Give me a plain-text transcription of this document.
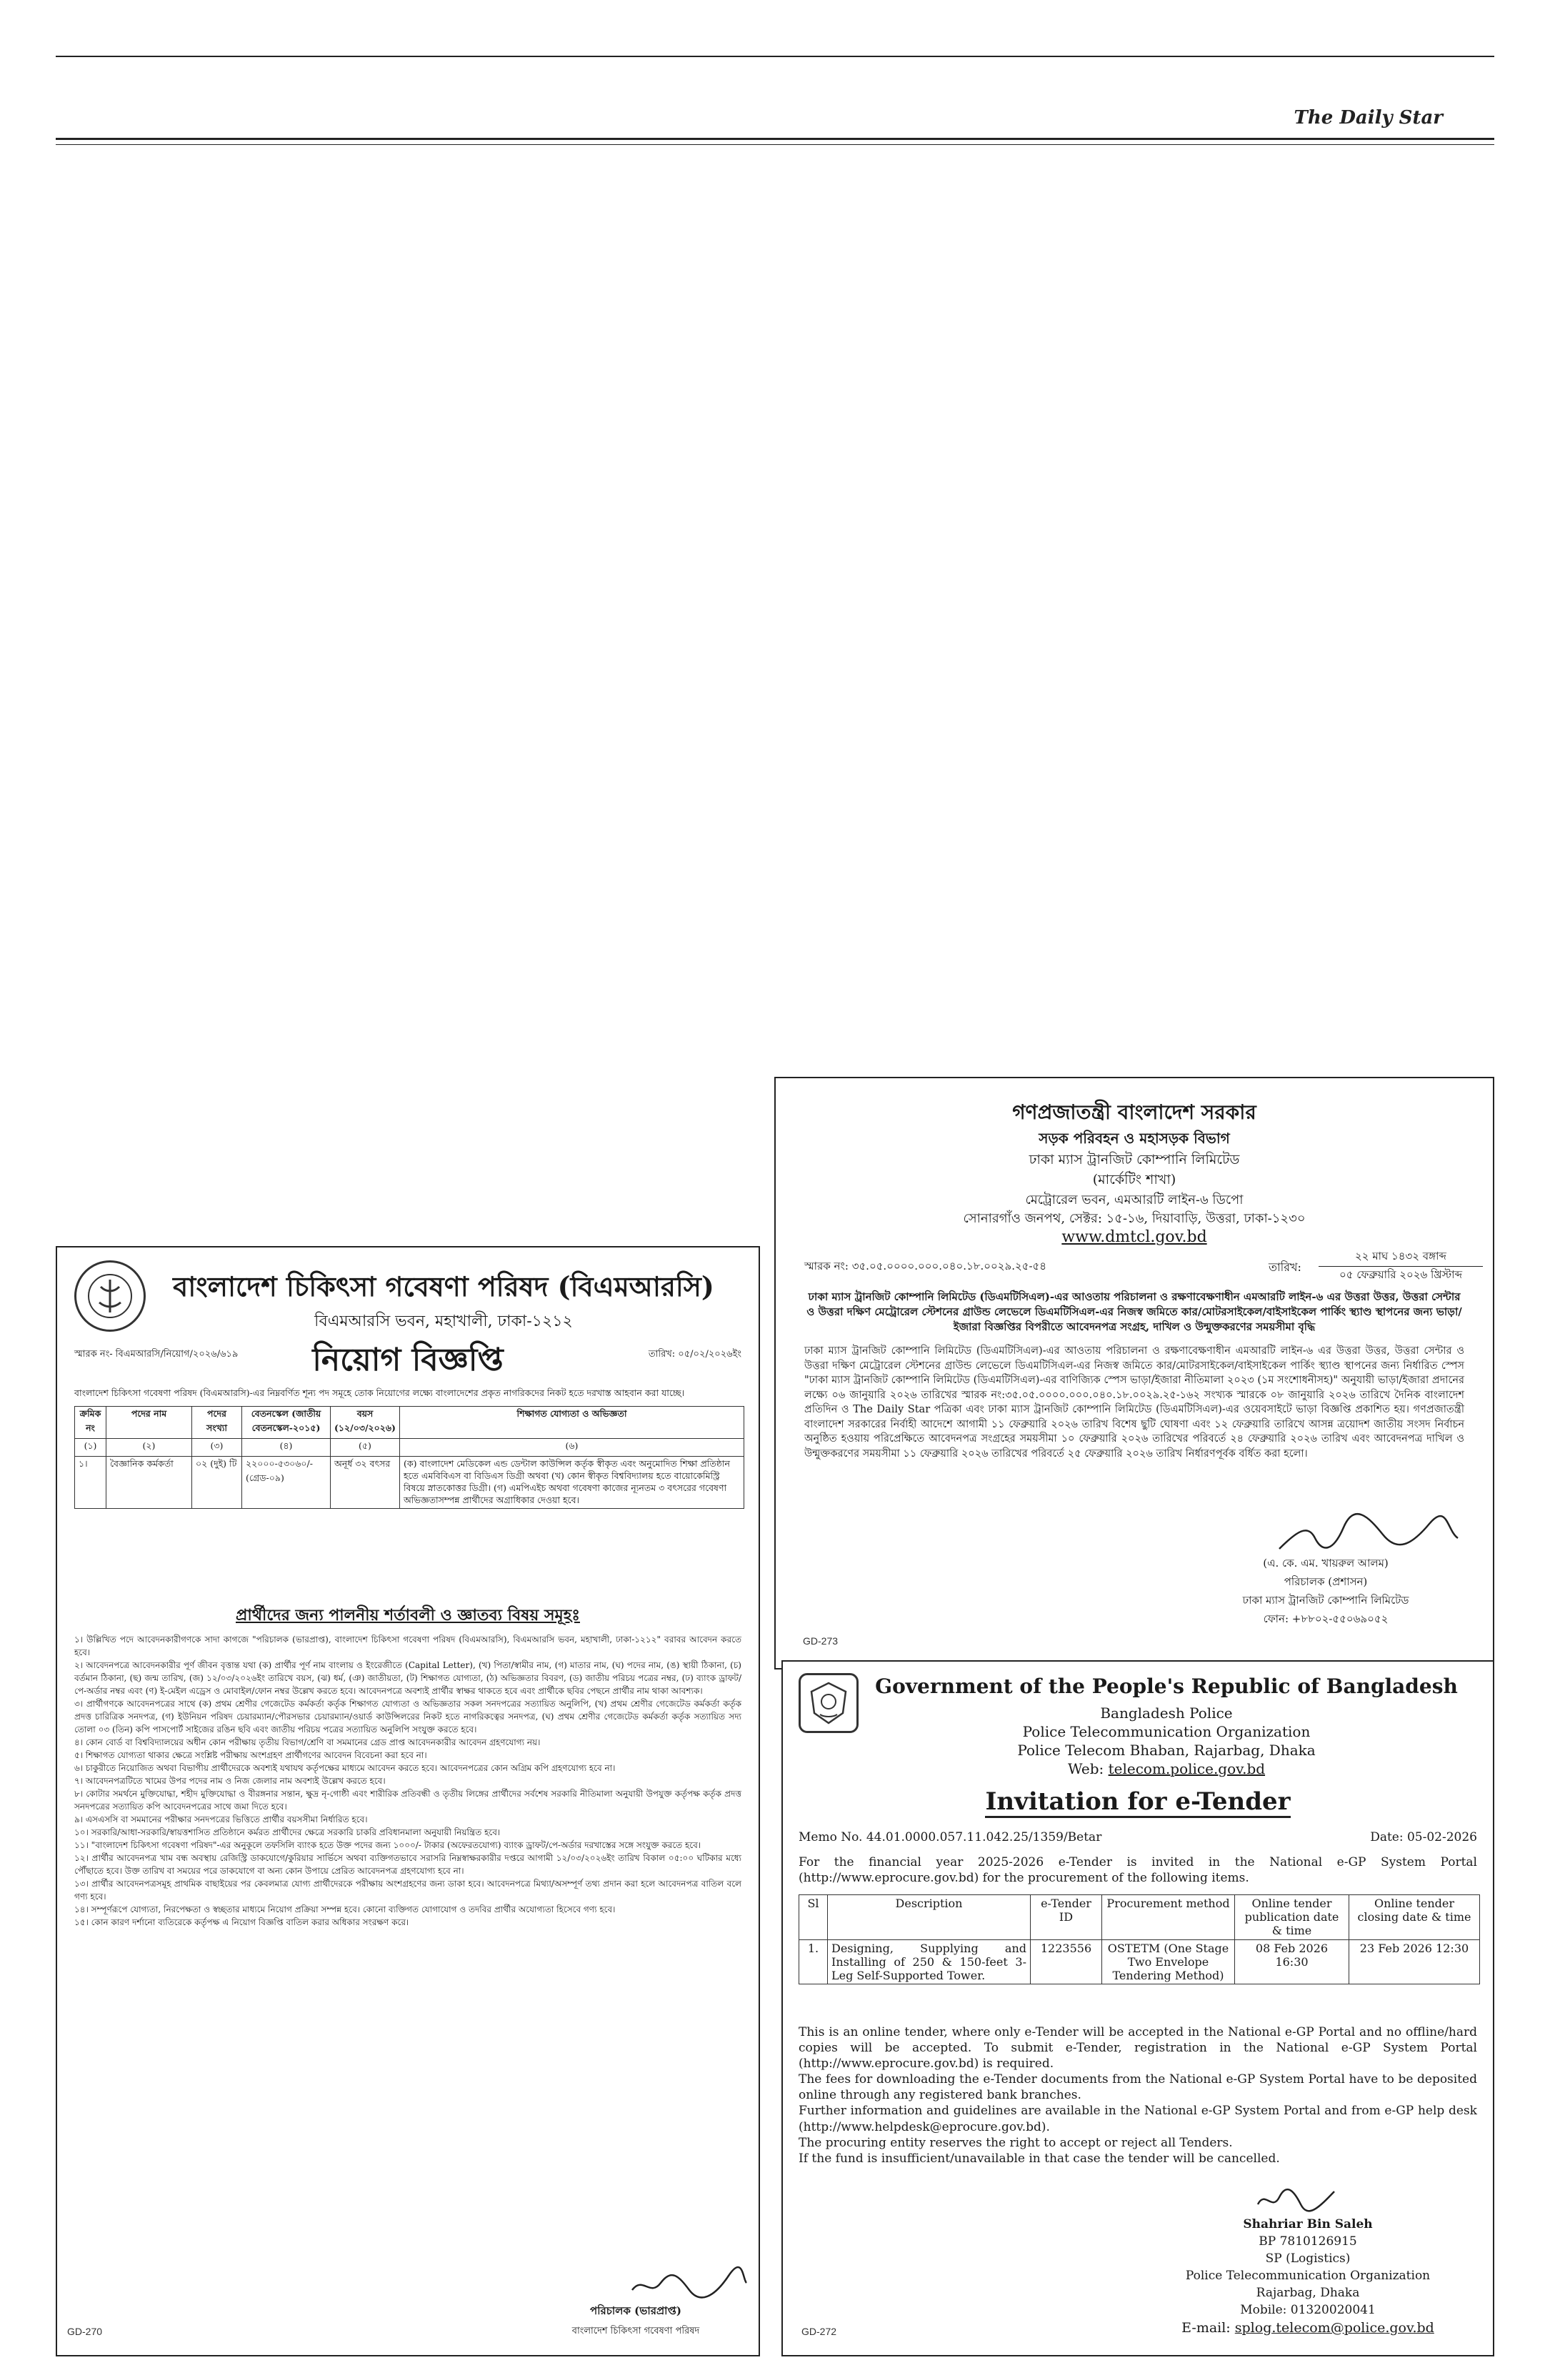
The Daily Star
গণপ্রজাতন্ত্রী বাংলাদেশ সরকার
সড়ক পরিবহন ও মহাসড়ক বিভাগ
ঢাকা ম্যাস ট্রানজিট কোম্পানি লিমিটেড
(মার্কেটিং শাখা)
মেট্রোরেল ভবন, এমআরটি লাইন-৬ ডিপো
সোনারগাঁও জনপথ, সেক্টর: ১৫-১৬, দিয়াবাড়ি, উত্তরা, ঢাকা-১২৩০
www.dmtcl.gov.bd
স্মারক নং: ৩৫.০৫.০০০০.০০০.০৪০.১৮.০০২৯.২৫-৫৪	তারিখ:
২২ মাঘ ১৪৩২ বঙ্গাব্দ
০৫ ফেব্রুয়ারি ২০২৬ খ্রিস্টাব্দ
ঢাকা ম্যাস ট্রানজিট কোম্পানি লিমিটেড (ডিএমটিসিএল)-এর আওতায় পরিচালনা ও রক্ষণাবেক্ষণাধীন এমআরটি লাইন-৬ এর উত্তরা উত্তর, উত্তরা সেন্টার ও উত্তরা দক্ষিণ মেট্রোরেল স্টেশনের গ্রাউন্ড লেভেলে ডিএমটিসিএল-এর নিজস্ব জমিতে কার/মোটরসাইকেল/বাইসাইকেল পার্কিং স্থ্যাণ্ড স্থাপনের জন্য ভাড়া/ইজারা বিজ্ঞপ্তির বিপরীতে আবেদনপত্র সংগ্রহ, দাখিল ও উন্মুক্তকরণের সময়সীমা বৃদ্ধি
ঢাকা ম্যাস ট্রানজিট কোম্পানি লিমিটেড (ডিএমটিসিএল)-এর আওতায় পরিচালনা ও রক্ষণাবেক্ষণাধীন এমআরটি লাইন-৬ এর উত্তরা উত্তর, উত্তরা সেন্টার ও উত্তরা দক্ষিণ মেট্রোরেল স্টেশনের গ্রাউন্ড লেভেলে ডিএমটিসিএল-এর নিজস্ব জমিতে কার/মোটরসাইকেল/বাইসাইকেল পার্কিং স্থ্যাণ্ড স্থাপনের জন্য নির্ধারিত স্পেস "ঢাকা ম্যাস ট্রানজিট কোম্পানি লিমিটেড (ডিএমটিসিএল)-এর বাণিজ্যিক স্পেস ভাড়া/ইজারা নীতিমালা ২০২৩ (১ম সংশোধনীসহ)" অনুযায়ী ভাড়া/ইজারা প্রদানের লক্ষ্যে ০৬ জানুয়ারি ২০২৬ তারিখের স্মারক নং:৩৫.০৫.০০০০.০০০.০৪০.১৮.০০২৯.২৫-১৬২ সংখ্যক স্মারকে ০৮ জানুয়ারি ২০২৬ তারিখে দৈনিক বাংলাদেশ প্রতিদিন ও The Daily Star পত্রিকা এবং ঢাকা ম্যাস ট্রানজিট কোম্পানি লিমিটেড (ডিএমটিসিএল)-এর ওয়েবসাইটে ভাড়া বিজ্ঞপ্তি প্রকাশিত হয়। গণপ্রজাতন্ত্রী বাংলাদেশ সরকারের নির্বাহী আদেশে আগামী ১১ ফেব্রুয়ারি ২০২৬ তারিখ বিশেষ ছুটি ঘোষণা এবং ১২ ফেব্রুয়ারি তারিখে আসন্ন ত্রয়োদশ জাতীয় সংসদ নির্বাচন অনুষ্ঠিত হওয়ায় পরিপ্রেক্ষিতে আবেদনপত্র সংগ্রহের সময়সীমা ১০ ফেব্রুয়ারি ২০২৬ তারিখের পরিবর্তে ২৪ ফেব্রুয়ারি ২০২৬ তারিখ এবং আবেদনপত্র দাখিল ও উন্মুক্তকরণের সময়সীমা ১১ ফেব্রুয়ারি ২০২৬ তারিখের পরিবর্তে ২৫ ফেব্রুয়ারি ২০২৬ তারিখ নির্ধারণপূর্বক বর্ধিত করা হলো।
(এ. কে. এম. খায়রুল আলম)
পরিচালক (প্রশাসন)
ঢাকা ম্যাস ট্রানজিট কোম্পানি লিমিটেড
ফোন: +৮৮০২-৫৫০৬৯০৫২
GD-273
বাংলাদেশ চিকিৎসা গবেষণা পরিষদ (বিএমআরসি)
বিএমআরসি ভবন, মহাখালী, ঢাকা-১২১২
স্মারক নং- বিএমআরসি/নিয়োগ/২০২৬/৬১৯	তারিখ: ০৫/০২/২০২৬ইং
নিয়োগ বিজ্ঞপ্তি
বাংলাদেশ চিকিৎসা গবেষণা পরিষদ (বিএমআরসি)-এর নিম্নবর্ণিত শূন্য পদ সমূহে তোক নিয়োগের লক্ষ্যে বাংলাদেশের প্রকৃত নাগরিকদের নিকট হতে দরখাস্ত আহবান করা যাচ্ছে।
ক্রমিক নং	পদের নাম	পদের সংখ্যা	বেতনস্কেল (জাতীয় বেতনস্কেল-২০১৫)	বয়স (১২/০৩/২০২৬)	শিক্ষাগত যোগ্যতা ও অভিজ্ঞতা
(১)	(২)	(৩)	(৪)	(৫)	(৬)
১।	বৈজ্ঞানিক কর্মকর্তা	০২ (দুই) টি	২২০০০-৫৩০৬০/- (গ্রেড-০৯)	অনূর্ধ ৩২ বৎসর	(ক) বাংলাদেশ মেডিকেল এন্ড ডেন্টাল কাউন্সিল কর্তৃক স্বীকৃত এবং অনুমোদিত শিক্ষা প্রতিষ্ঠান হতে এমবিবিএস বা বিডিএস ডিগ্রী অথবা (খ) কোন স্বীকৃত বিশ্ববিদ্যালয় হতে বায়োকেমিস্ট্রি বিষয়ে স্নাতকোত্তর ডিগ্রী। (গ) এমপিএইচ অথবা গবেষণা কাজের ন্যূনতম ৩ বৎসরের গবেষণা অভিজ্ঞতাসম্পন্ন প্রার্থীদের অগ্রাধিকার দেওয়া হবে।
প্রার্থীদের জন্য পালনীয় শর্তাবলী ও জ্ঞাতব্য বিষয় সমূহঃ
১। উল্লিখিত পদে আবেদনকারীগণকে সাদা কাগজে "পরিচালক (ভারপ্রাপ্ত), বাংলাদেশ চিকিৎসা গবেষণা পরিষদ (বিএমআরসি), বিএমআরসি ভবন, মহাখালী, ঢাকা-১২১২" বরাবর আবেদন করতে হবে।
২। আবেদনপত্রে আবেদনকারীর পূর্ণ জীবন বৃত্তান্ত যথা (ক) প্রার্থীর পূর্ণ নাম বাংলায় ও ইংরেজীতে (Capital Letter), (খ) পিতা/স্বামীর নাম, (গ) মাতার নাম, (ঘ) পদের নাম, (ঙ) স্থায়ী ঠিকানা, (চ) বর্তমান ঠিকানা, (ছ) জন্ম তারিখ, (জ) ১২/০৩/২০২৬ইং তারিখে বয়স, (ঝ) ধর্ম, (ঞ) জাতীয়তা, (ট) শিক্ষাগত যোগ্যতা, (ঠ) অভিজ্ঞতার বিবরণ, (ড) জাতীয় পরিচয় পত্রের নম্বর, (ঢ) ব্যাংক ড্রাফট/পে-অর্ডার নম্বর এবং (ণ) ই-মেইল এড্রেস ও মোবাইল/ফোন নম্বর উল্লেখ করতে হবে। আবেদনপত্রে অবশ্যই প্রার্থীর স্বাক্ষর থাকতে হবে এবং প্রার্থীকে ছবির পেছনে প্রার্থীর নাম থাকা আবশ্যক।
৩। প্রার্থীগণকে আবেদনপত্রের সাথে (ক) প্রথম শ্রেণীর গেজেটেড কর্মকর্তা কর্তৃক শিক্ষাগত যোগ্যতা ও অভিজ্ঞতার সকল সনদপত্রের সত্যায়িত অনুলিপি, (খ) প্রথম শ্রেণীর গেজেটেড কর্মকর্তা কর্তৃক প্রদত্ত চারিত্রিক সনদপত্র, (গ) ইউনিয়ন পরিষদ চেয়ারম্যান/পৌরসভার চেয়ারম্যান/ওয়ার্ড কাউন্সিলরের নিকট হতে নাগরিকত্বের সনদপত্র, (ঘ) প্রথম শ্রেণীর গেজেটেড কর্মকর্তা কর্তৃক সত্যায়িত সদ্য তোলা ০৩ (তিন) কপি পাসপোর্ট সাইজের রঙিন ছবি এবং জাতীয় পরিচয় পত্রের সত্যায়িত অনুলিপি সংযুক্ত করতে হবে।
৪। কোন বোর্ড বা বিশ্ববিদ্যালয়ের অধীন কোন পরীক্ষায় তৃতীয় বিভাগ/শ্রেণি বা সমমানের গ্রেড প্রাপ্ত আবেদনকারীর আবেদন গ্রহণযোগ্য নয়।
৫। শিক্ষাগত যোগ্যতা থাকার ক্ষেত্রে সংশ্লিষ্ট পরীক্ষায় অংশগ্রহণ প্রার্থীগণের আবেদন বিবেচনা করা হবে না।
৬। চাকুরীতে নিয়োজিত অথবা বিভাগীয় প্রার্থীদেরকে অবশ্যই যথাযথ কর্তৃপক্ষের মাধ্যমে আবেদন করতে হবে। আবেদনপত্রের কোন অগ্রিম কপি গ্রহণযোগ্য হবে না।
৭। আবেদনপত্রটিতে খামের উপর পদের নাম ও নিজ জেলার নাম অবশ্যই উল্লেখ করতে হবে।
৮। কোটার সমর্থনে মুক্তিযোদ্ধা, শহীদ মুক্তিযোদ্ধা ও বীরঙ্গনার সন্তান, ক্ষুদ্র নৃ-গোষ্ঠী এবং শারীরিক প্রতিবন্ধী ও তৃতীয় লিঙ্গের প্রার্থীদের সর্বশেষ সরকারি নীতিমালা অনুযায়ী উপযুক্ত কর্তৃপক্ষ কর্তৃক প্রদত্ত সনদপত্রের সত্যায়িত কপি আবেদনপত্রের সাথে জমা দিতে হবে।
৯। এসএসসি বা সমমানের পরীক্ষার সনদপত্রের ভিত্তিতে প্রার্থীর বয়সসীমা নির্ধারিত হবে।
১০। সরকারি/আধা-সরকারি/স্বায়ত্তশাসিত প্রতিষ্ঠানে কর্মরত প্রার্থীদের ক্ষেত্রে সরকারি চাকরি প্রবিধানমালা অনুযায়ী নিয়ন্ত্রিত হবে।
১১। "বাংলাদেশ চিকিৎসা গবেষণা পরিষদ"-এর অনুকূলে তফসিলি ব্যাংক হতে উক্ত পদের জন্য ১০০০/- টাকার (অফেরতযোগ্য) ব্যাংক ড্রাফট/পে-অর্ডার দরখাস্তের সঙ্গে সংযুক্ত করতে হবে।
১২। প্রার্থীর আবেদনপত্র খাম বন্ধ অবস্থায় রেজিস্ট্রি ডাকযোগে/কুরিয়ার সার্ভিসে অথবা ব্যক্তিগতভাবে সরাসরি নিম্নস্বাক্ষরকারীর দপ্তরে আগামী ১২/০৩/২০২৬ইং তারিখ বিকাল ০৫:০০ ঘটিকার মধ্যে পৌঁছাতে হবে। উক্ত তারিখ বা সময়ের পরে ডাকযোগে বা অন্য কোন উপায়ে প্রেরিত আবেদনপত্র গ্রহণযোগ্য হবে না।
১৩। প্রার্থীর আবেদনপত্রসমূহ প্রাথমিক বাছাইয়ের পর কেবলমাত্র যোগ্য প্রার্থীদেরকে পরীক্ষায় অংশগ্রহণের জন্য ডাকা হবে। আবেদনপত্রে মিথ্যা/অসম্পূর্ণ তথ্য প্রদান করা হলে আবেদনপত্র বাতিল বলে গণ্য হবে।
১৪। সম্পূর্ণরূপে যোগ্যতা, নিরপেক্ষতা ও স্বচ্ছতার মাধ্যমে নিয়োগ প্রক্রিয়া সম্পন্ন হবে। কোনো ব্যক্তিগত যোগাযোগ ও তদবির প্রার্থীর অযোগ্যতা হিসেবে গণ্য হবে।
১৫। কোন কারণ দর্শানো ব্যতিরেকে কর্তৃপক্ষ এ নিয়োগ বিজ্ঞপ্তি বাতিল করার অধিকার সংরক্ষণ করে।
পরিচালক (ভারপ্রাপ্ত)
বাংলাদেশ চিকিৎসা গবেষণা পরিষদ
GD-270
Government of the People's Republic of Bangladesh
Bangladesh Police
Police Telecommunication Organization
Police Telecom Bhaban, Rajarbag, Dhaka
Web: telecom.police.gov.bd
Invitation for e-Tender
Memo No. 44.01.0000.057.11.042.25/1359/Betar	Date: 05-02-2026
For the financial year 2025-2026 e-Tender is invited in the National e-GP System Portal (http://www.eprocure.gov.bd) for the procurement of the following items.
Sl	Description	e-Tender ID	Procurement method	Online tender publication date & time	Online tender closing date & time
1.	Designing, Supplying and Installing of 250 & 150-feet 3-Leg Self-Supported Tower.	1223556	OSTETM (One Stage Two Envelope Tendering Method)	08 Feb 2026 16:30	23 Feb 2026 12:30
This is an online tender, where only e-Tender will be accepted in the National e-GP Portal and no offline/hard copies will be accepted. To submit e-Tender, registration in the National e-GP System Portal (http://www.eprocure.gov.bd) is required.
The fees for downloading the e-Tender documents from the National e-GP System Portal have to be deposited online through any registered bank branches.
Further information and guidelines are available in the National e-GP System Portal and from e-GP help desk (http://www.helpdesk@eprocure.gov.bd).
The procuring entity reserves the right to accept or reject all Tenders.
If the fund is insufficient/unavailable in that case the tender will be cancelled.
Shahriar Bin Saleh
BP 7810126915
SP (Logistics)
Police Telecommunication Organization
Rajarbag, Dhaka
Mobile: 01320020041
E-mail: splog.telecom@police.gov.bd
GD-272
